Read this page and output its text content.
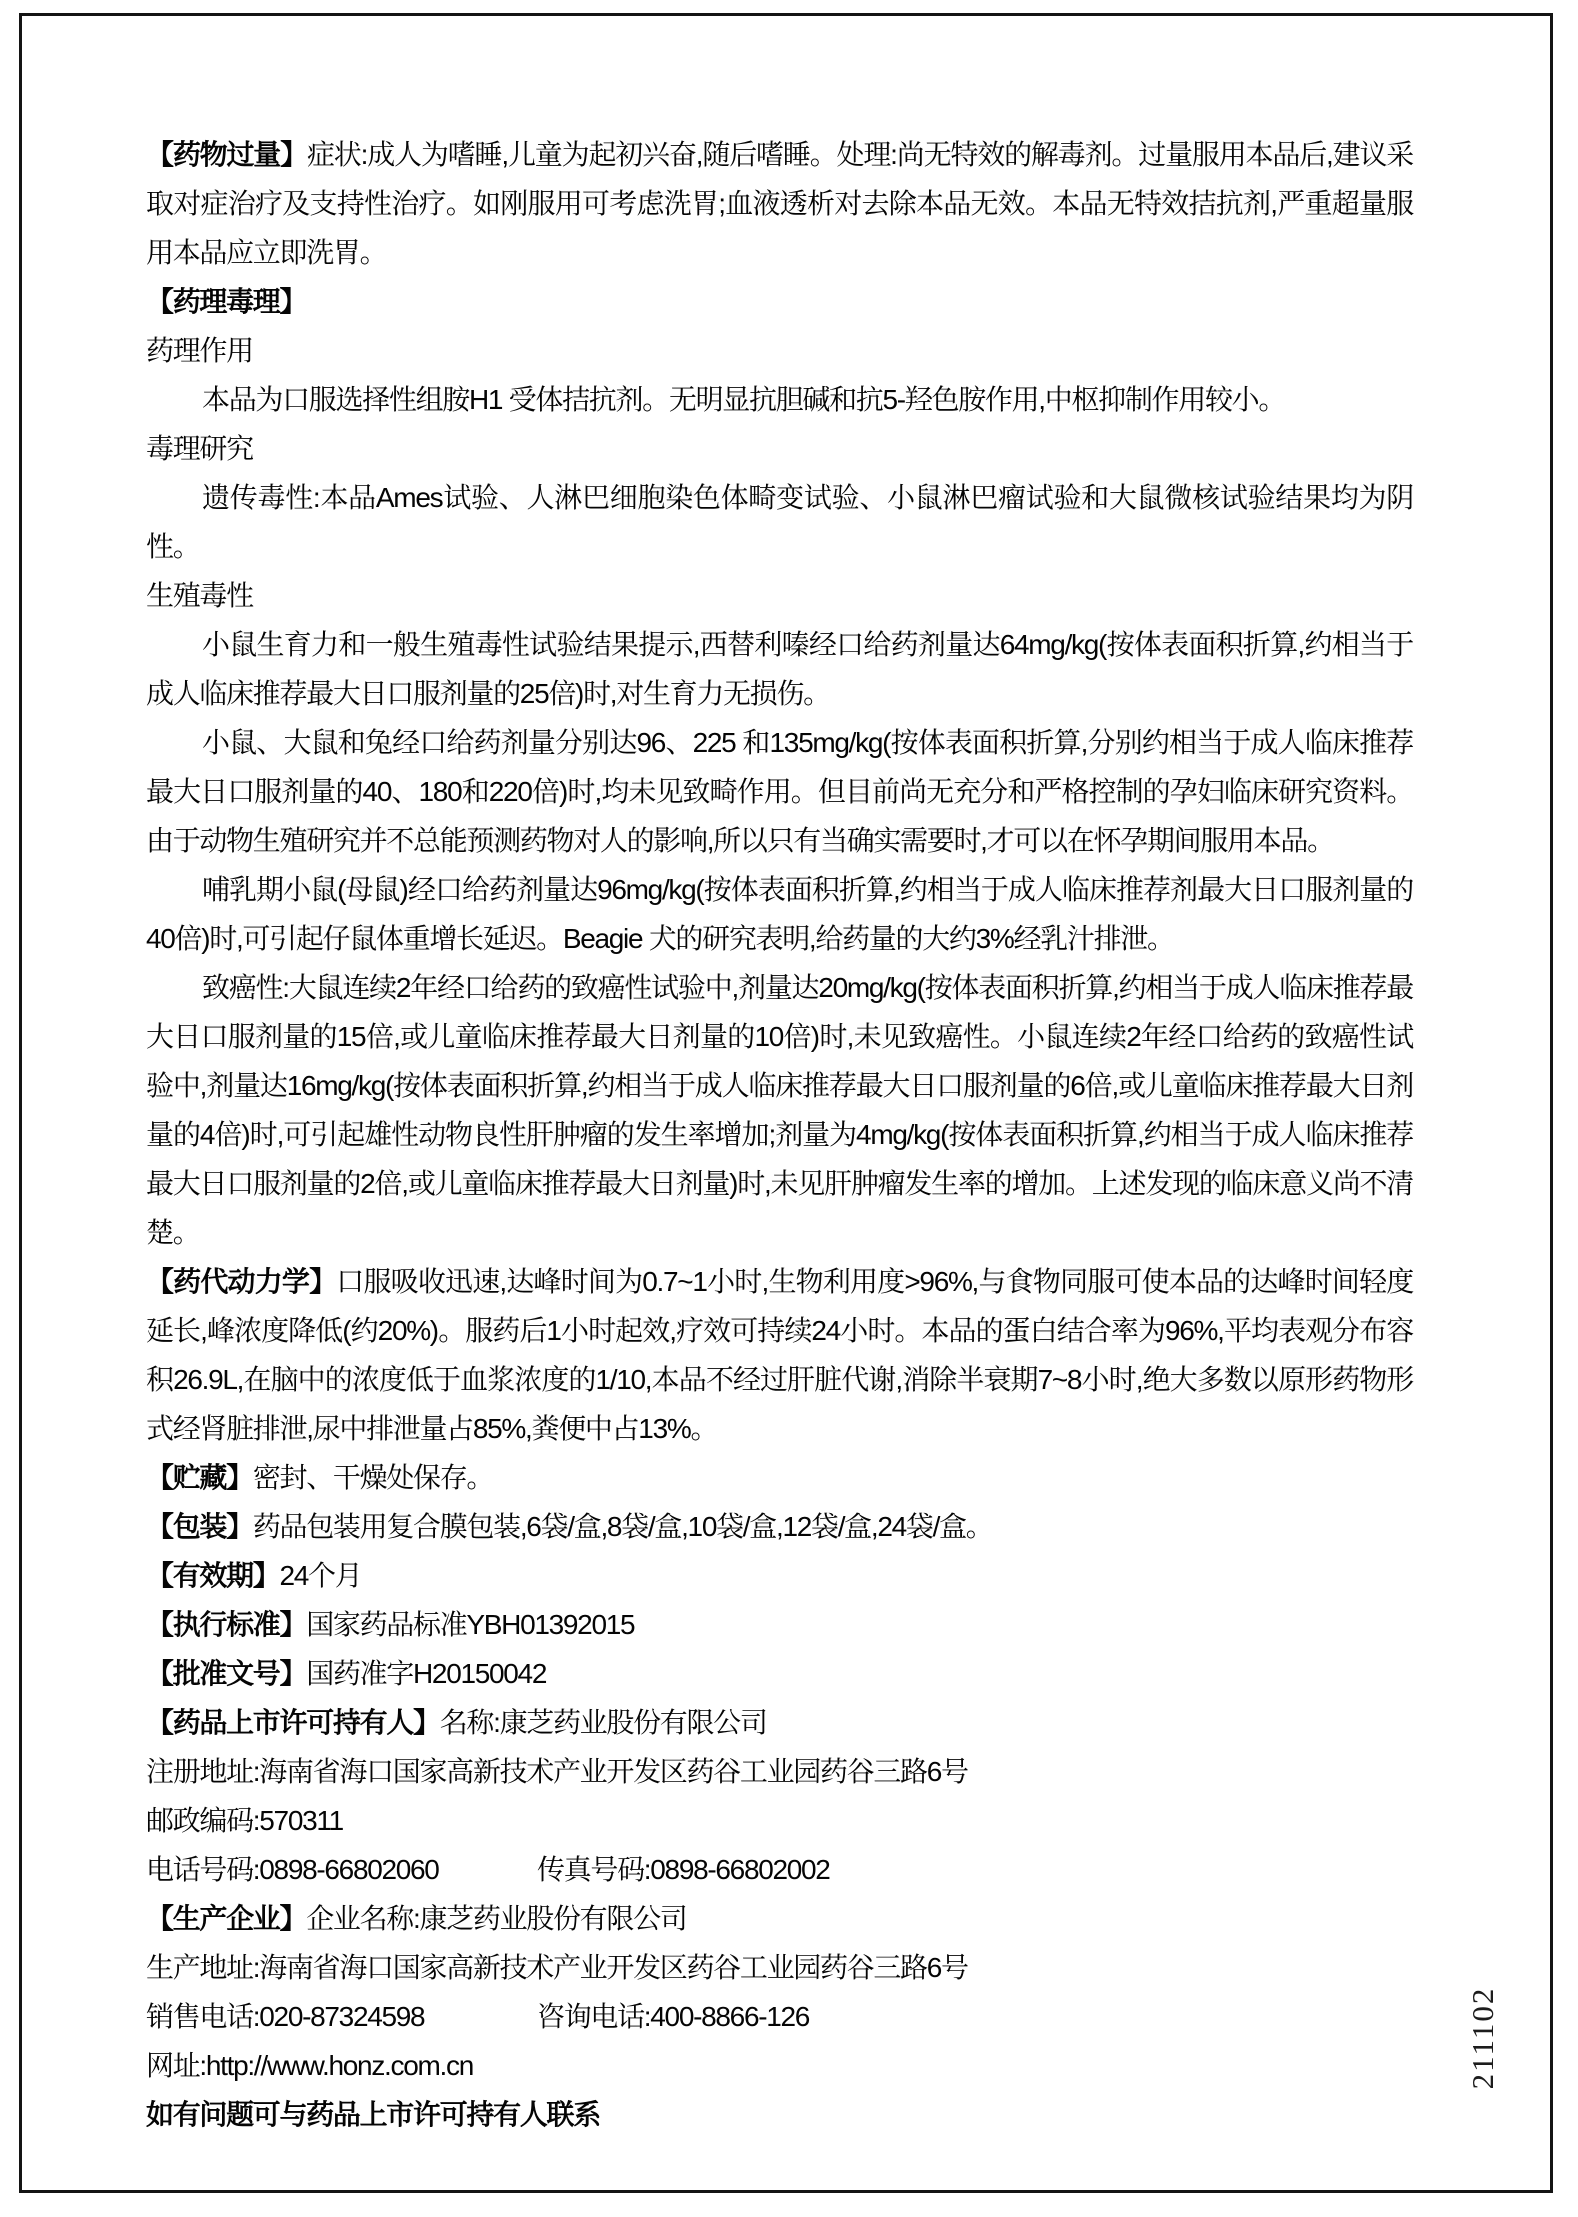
【药物过量】症状:成人为嗜睡,儿童为起初兴奋,随后嗜睡。处理:尚无特效的解毒剂。过量服用本品后,建议采取对症治疗及支持性治疗。如刚服用可考虑洗胃;血液透析对去除本品无效。本品无特效拮抗剂,严重超量服用本品应立即洗胃。

【药理毒理】

药理作用

本品为口服选择性组胺H1 受体拮抗剂。无明显抗胆碱和抗5-羟色胺作用,中枢抑制作用较小。

毒理研究

遗传毒性:本品Ames试验、人淋巴细胞染色体畸变试验、小鼠淋巴瘤试验和大鼠微核试验结果均为阴性。

生殖毒性

小鼠生育力和一般生殖毒性试验结果提示,西替利嗪经口给药剂量达64mg/kg(按体表面积折算,约相当于成人临床推荐最大日口服剂量的25倍)时,对生育力无损伤。

小鼠、大鼠和兔经口给药剂量分别达96、225 和135mg/kg(按体表面积折算,分别约相当于成人临床推荐最大日口服剂量的40、180和220倍)时,均未见致畸作用。但目前尚无充分和严格控制的孕妇临床研究资料。由于动物生殖研究并不总能预测药物对人的影响,所以只有当确实需要时,才可以在怀孕期间服用本品。

哺乳期小鼠(母鼠)经口给药剂量达96mg/kg(按体表面积折算,约相当于成人临床推荐剂最大日口服剂量的40倍)时,可引起仔鼠体重增长延迟。Beagie 犬的研究表明,给药量的大约3%经乳汁排泄。

致癌性:大鼠连续2年经口给药的致癌性试验中,剂量达20mg/kg(按体表面积折算,约相当于成人临床推荐最大日口服剂量的15倍,或儿童临床推荐最大日剂量的10倍)时,未见致癌性。小鼠连续2年经口给药的致癌性试验中,剂量达16mg/kg(按体表面积折算,约相当于成人临床推荐最大日口服剂量的6倍,或儿童临床推荐最大日剂量的4倍)时,可引起雄性动物良性肝肿瘤的发生率增加;剂量为4mg/kg(按体表面积折算,约相当于成人临床推荐最大日口服剂量的2倍,或儿童临床推荐最大日剂量)时,未见肝肿瘤发生率的增加。上述发现的临床意义尚不清楚。

【药代动力学】口服吸收迅速,达峰时间为0.7~1小时,生物利用度>96%,与食物同服可使本品的达峰时间轻度延长,峰浓度降低(约20%)。服药后1小时起效,疗效可持续24小时。本品的蛋白结合率为96%,平均表观分布容积26.9L,在脑中的浓度低于血浆浓度的1/10,本品不经过肝脏代谢,消除半衰期7~8小时,绝大多数以原形药物形式经肾脏排泄,尿中排泄量占85%,粪便中占13%。

【贮藏】密封、干燥处保存。

【包装】药品包装用复合膜包装,6袋/盒,8袋/盒,10袋/盒,12袋/盒,24袋/盒。

【有效期】24个月

【执行标准】国家药品标准YBH01392015

【批准文号】国药准字H20150042

【药品上市许可持有人】名称:康芝药业股份有限公司

注册地址:海南省海口国家高新技术产业开发区药谷工业园药谷三路6号

邮政编码:570311

电话号码:0898-66802060	传真号码:0898-66802002

【生产企业】企业名称:康芝药业股份有限公司

生产地址:海南省海口国家高新技术产业开发区药谷工业园药谷三路6号

销售电话:020-87324598	咨询电话:400-8866-126

网址:http://www.honz.com.cn

如有问题可与药品上市许可持有人联系

211102
